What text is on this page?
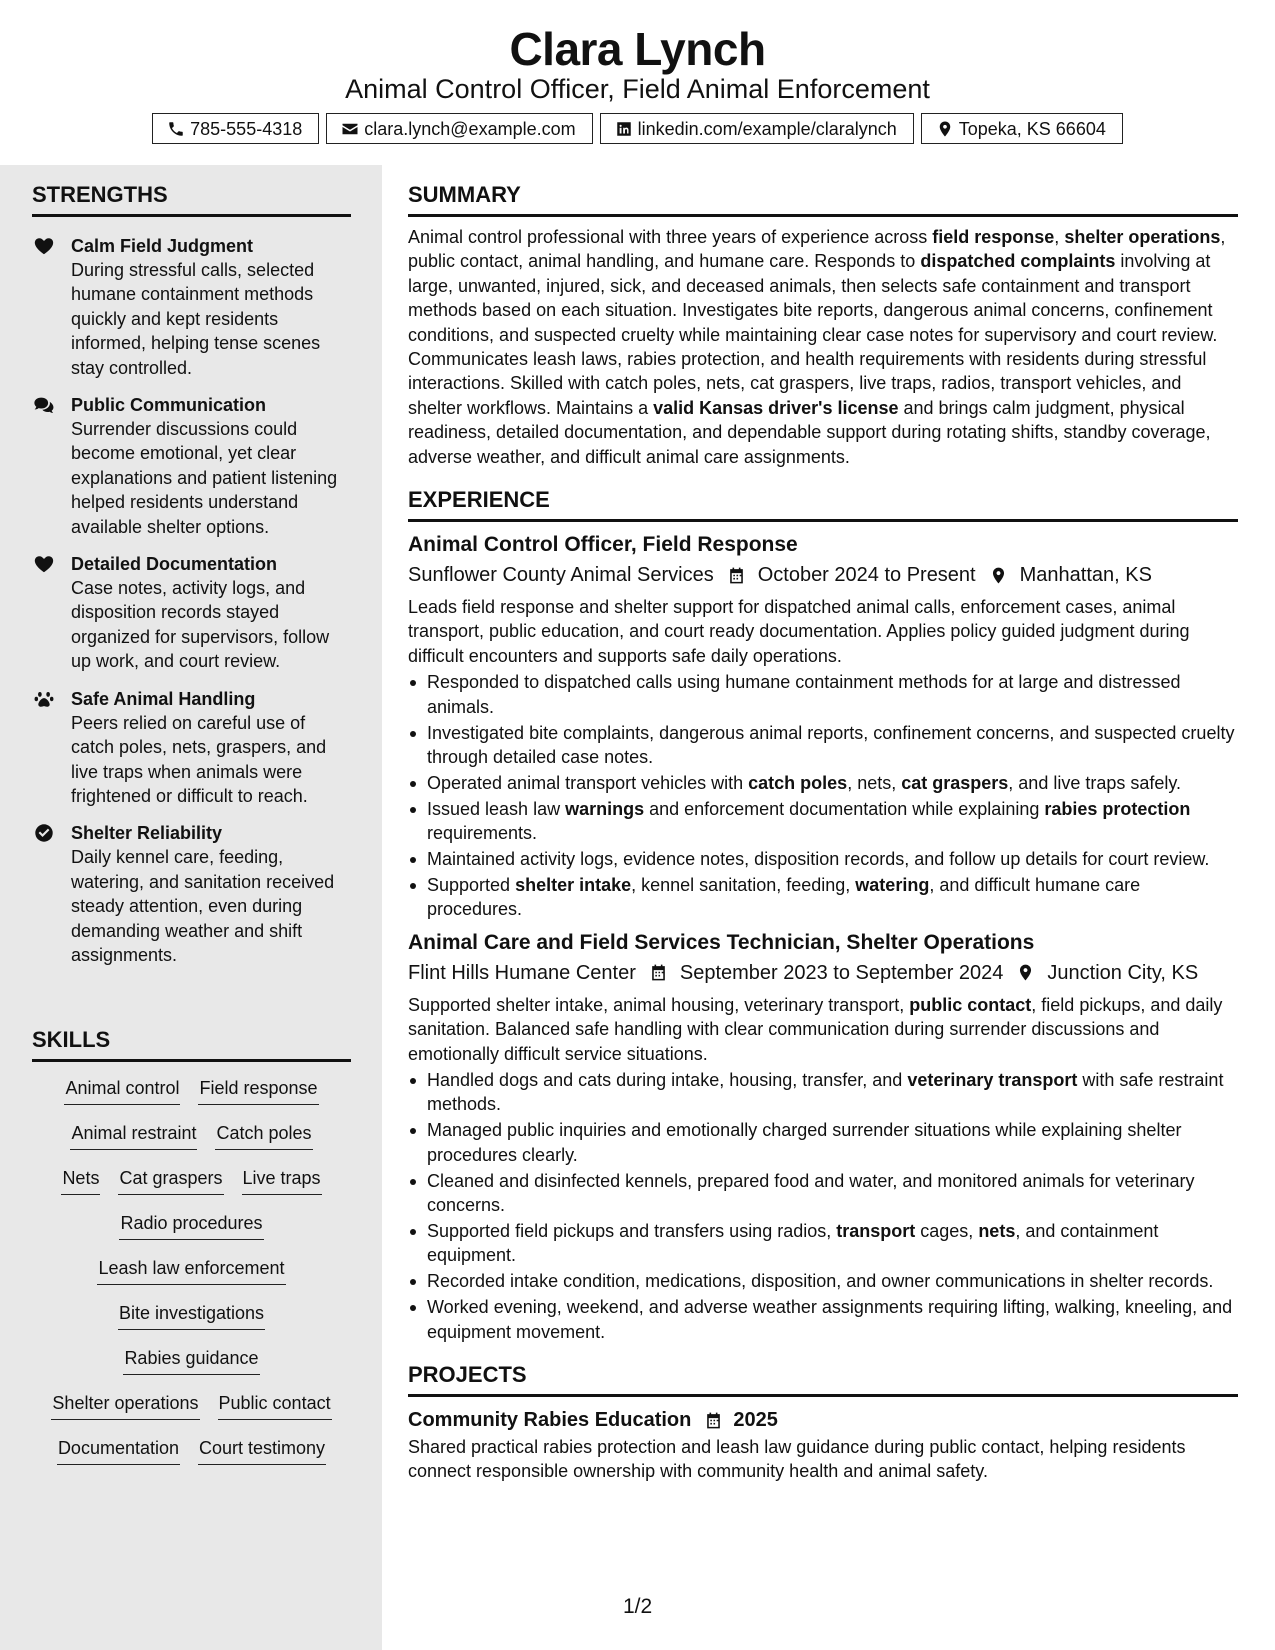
Clara Lynch
Animal Control Officer, Field Animal Enforcement
785-555-4318	clara.lynch@example.com	linkedin.com/example/claralynch	Topeka, KS 66604
STRENGTHS
Calm Field Judgment
During stressful calls, selected humane containment methods quickly and kept residents informed, helping tense scenes stay controlled.
Public Communication
Surrender discussions could become emotional, yet clear explanations and patient listening helped residents understand available shelter options.
Detailed Documentation
Case notes, activity logs, and disposition records stayed organized for supervisors, follow up work, and court review.
Safe Animal Handling
Peers relied on careful use of catch poles, nets, graspers, and live traps when animals were frightened or difficult to reach.
Shelter Reliability
Daily kennel care, feeding, watering, and sanitation received steady attention, even during demanding weather and shift assignments.
SKILLS
Animal control Field response
Animal restraint Catch poles
Nets Cat graspers Live traps
Radio procedures
Leash law enforcement
Bite investigations
Rabies guidance
Shelter operations Public contact
Documentation Court testimony
SUMMARY
Animal control professional with three years of experience across field response, shelter operations, public contact, animal handling, and humane care. Responds to dispatched complaints involving at large, unwanted, injured, sick, and deceased animals, then selects safe containment and transport methods based on each situation. Investigates bite reports, dangerous animal concerns, confinement conditions, and suspected cruelty while maintaining clear case notes for supervisory and court review. Communicates leash laws, rabies protection, and health requirements with residents during stressful interactions. Skilled with catch poles, nets, cat graspers, live traps, radios, transport vehicles, and shelter workflows. Maintains a valid Kansas driver's license and brings calm judgment, physical readiness, detailed documentation, and dependable support during rotating shifts, standby coverage, adverse weather, and difficult animal care assignments.
EXPERIENCE
Animal Control Officer, Field Response
Sunflower County Animal Services October 2024 to Present Manhattan, KS
Leads field response and shelter support for dispatched animal calls, enforcement cases, animal transport, public education, and court ready documentation. Applies policy guided judgment during difficult encounters and supports safe daily operations.
Responded to dispatched calls using humane containment methods for at large and distressed animals.
Investigated bite complaints, dangerous animal reports, confinement concerns, and suspected cruelty through detailed case notes.
Operated animal transport vehicles with catch poles, nets, cat graspers, and live traps safely.
Issued leash law warnings and enforcement documentation while explaining rabies protection requirements.
Maintained activity logs, evidence notes, disposition records, and follow up details for court review.
Supported shelter intake, kennel sanitation, feeding, watering, and difficult humane care procedures.
Animal Care and Field Services Technician, Shelter Operations
Flint Hills Humane Center September 2023 to September 2024 Junction City, KS
Supported shelter intake, animal housing, veterinary transport, public contact, field pickups, and daily sanitation. Balanced safe handling with clear communication during surrender discussions and emotionally difficult service situations.
Handled dogs and cats during intake, housing, transfer, and veterinary transport with safe restraint methods.
Managed public inquiries and emotionally charged surrender situations while explaining shelter procedures clearly.
Cleaned and disinfected kennels, prepared food and water, and monitored animals for veterinary concerns.
Supported field pickups and transfers using radios, transport cages, nets, and containment equipment.
Recorded intake condition, medications, disposition, and owner communications in shelter records.
Worked evening, weekend, and adverse weather assignments requiring lifting, walking, kneeling, and equipment movement.
PROJECTS
Community Rabies Education 2025
Shared practical rabies protection and leash law guidance during public contact, helping residents connect responsible ownership with community health and animal safety.
1/2
